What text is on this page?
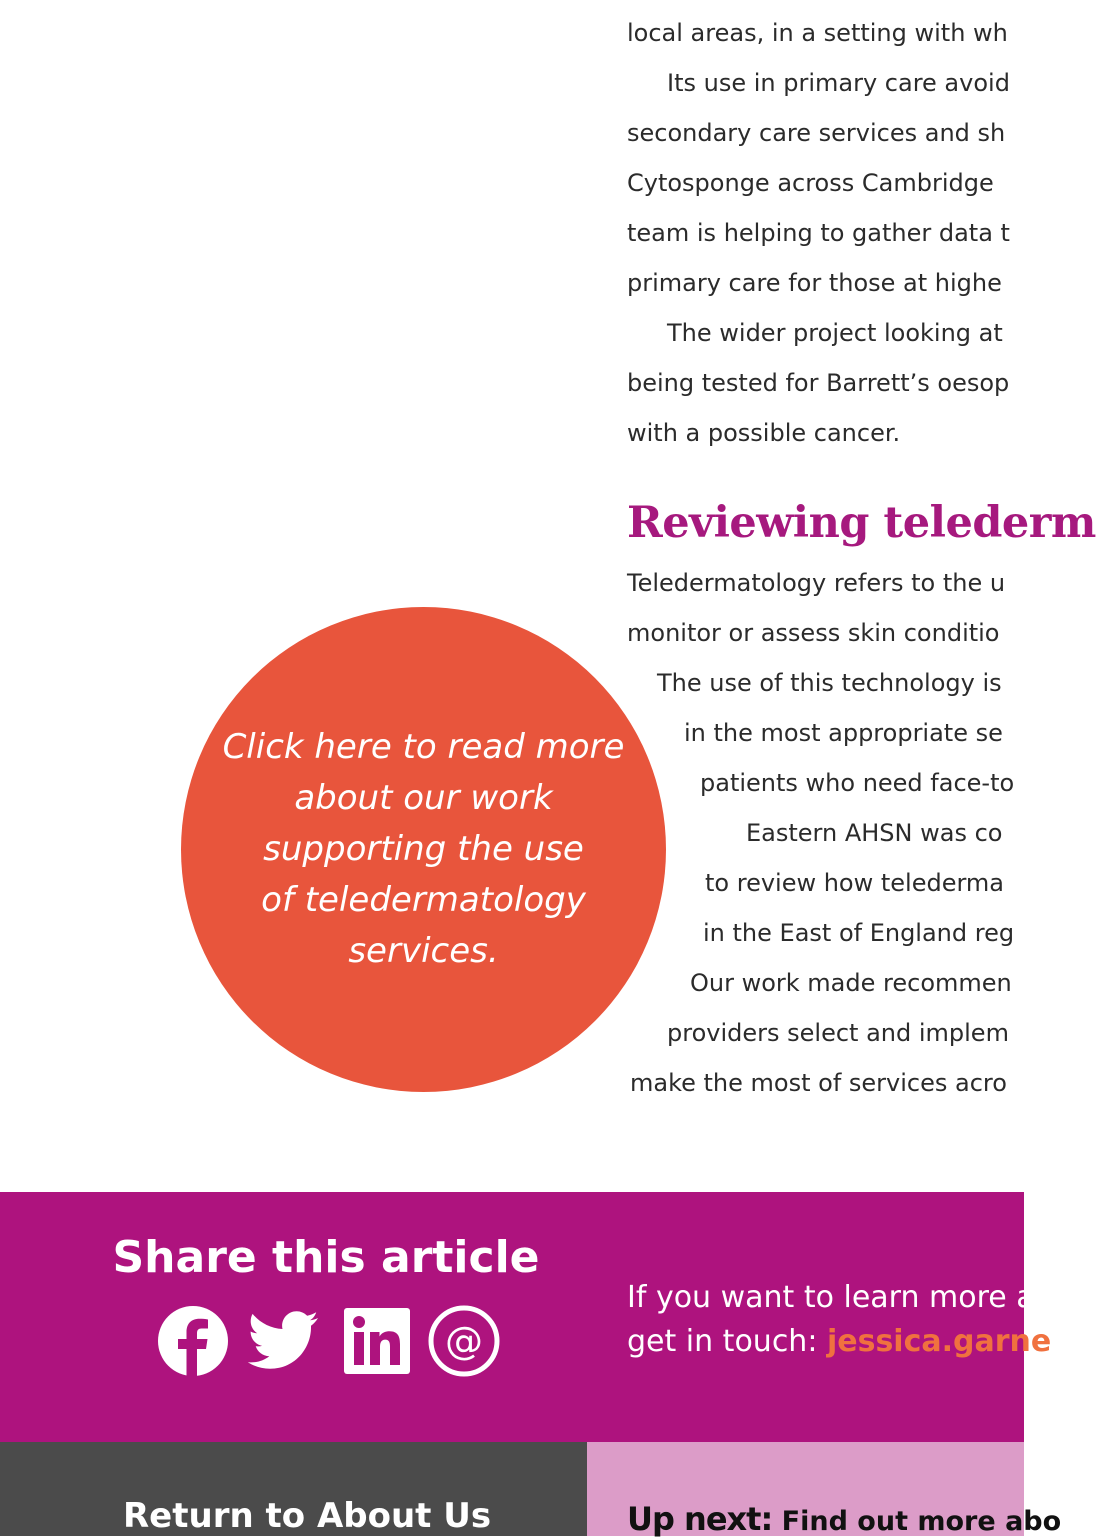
local areas, in a setting with wh
Its use in primary care avoid
secondary care services and sh
Cytosponge across Cambridge
team is helping to gather data t
primary care for those at highe
The wider project looking at
being tested for Barrett’s oesop
with a possible cancer.
Reviewing telederm
Teledermatology refers to the u
monitor or assess skin conditio
The use of this technology is
in the most appropriate se
patients who need face-to
Eastern AHSN was co
to review how telederma
in the East of England reg
Our work made recommen
providers select and implem
make the most of services acro
Click here to read more
about our work
supporting the use
of teledermatology
services.
Share this article
@
If you want to learn more a
get in touch: jessica.garne
Return to About Us	Up next: Find out more abo
